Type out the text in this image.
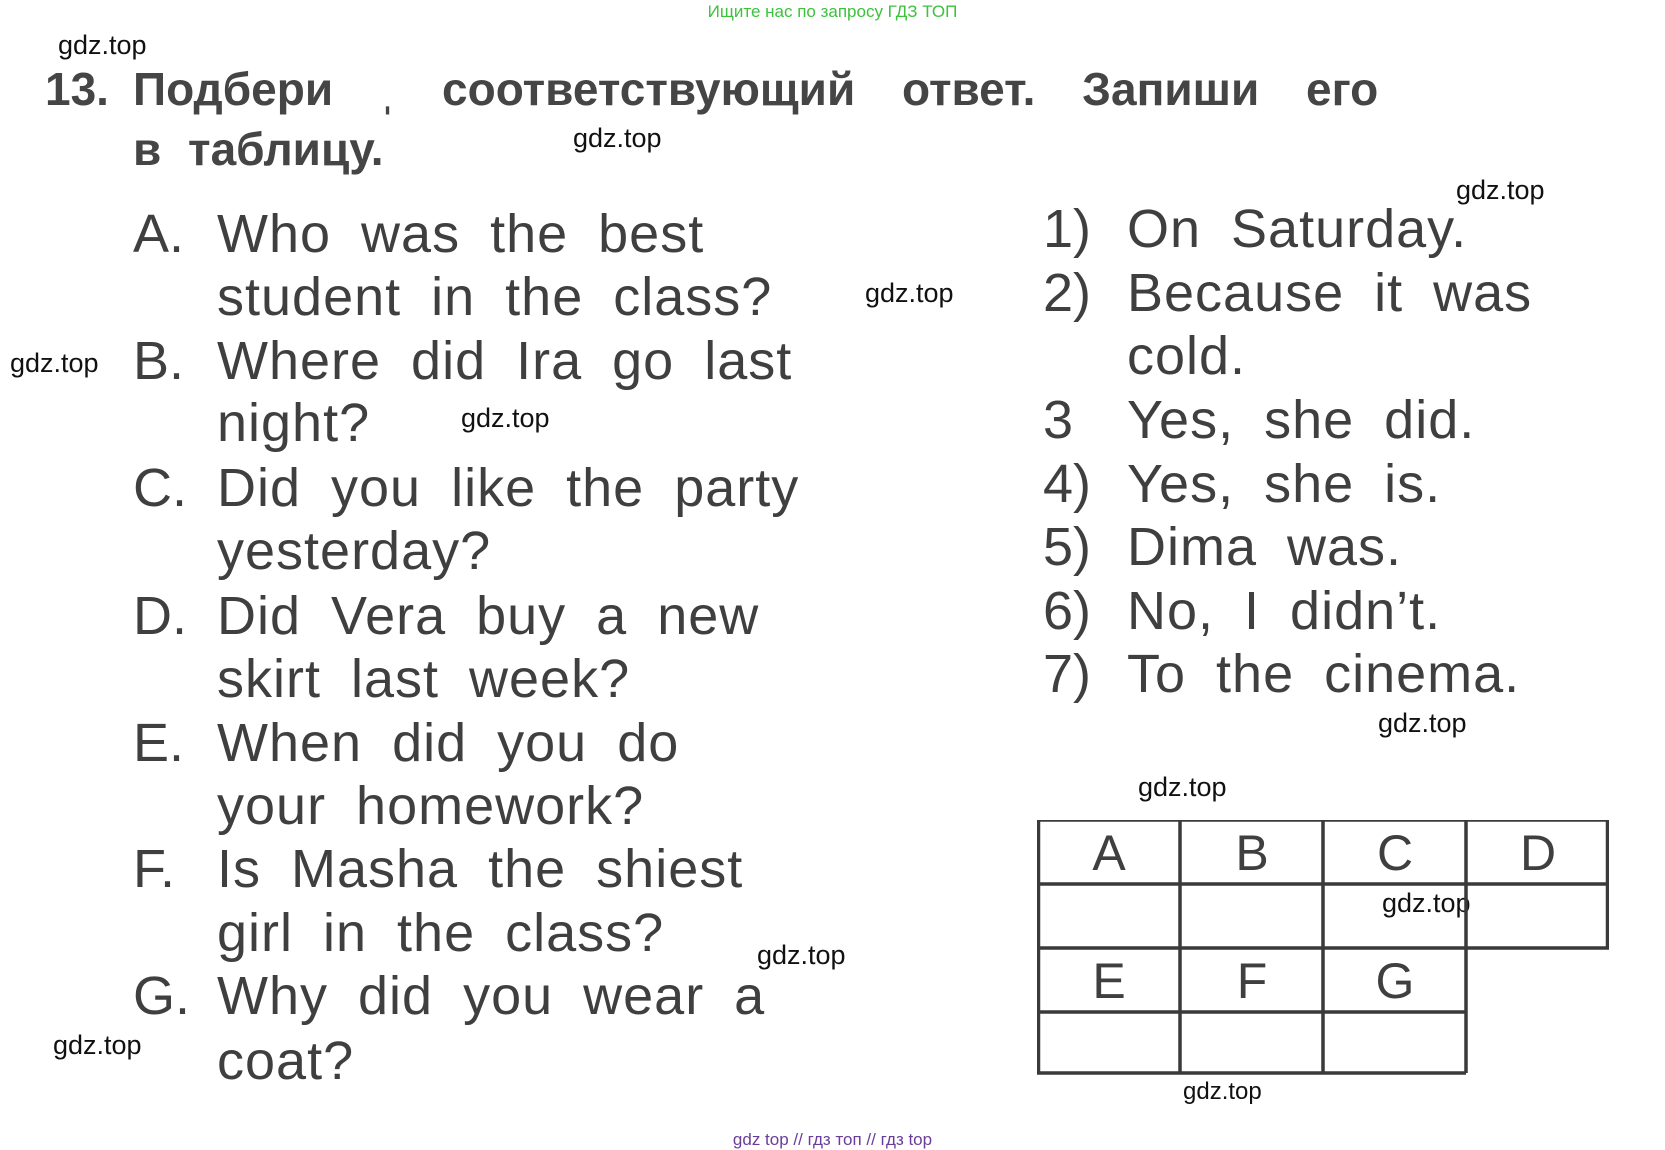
Ищите нас по запросу ГДЗ ТОП
gdz.top
gdz.top
gdz.top
gdz.top
gdz.top
gdz.top
gdz.top
gdz.top
gdz.top
gdz.top
gdz.top
gdz.top
13. Подбери ˌ соответствующий ответ. Запиши его
в таблицу.
A. Who was the best
student in the class?
B. Where did Ira go last
night?
C. Did you like the party
yesterday?
D. Did Vera buy a new
skirt last week?
E. When did you do
your homework?
F. Is Masha the shiest
girl in the class?
G. Why did you wear a
coat?
1) On Saturday.
2) Because it was
cold.
3 Yes, she did.
4) Yes, she is.
5) Dima was.
6) No, I didn’t.
7) To the cinema.
A	B	C	D
E	F	G
gdz top // гдз топ // гдз top
